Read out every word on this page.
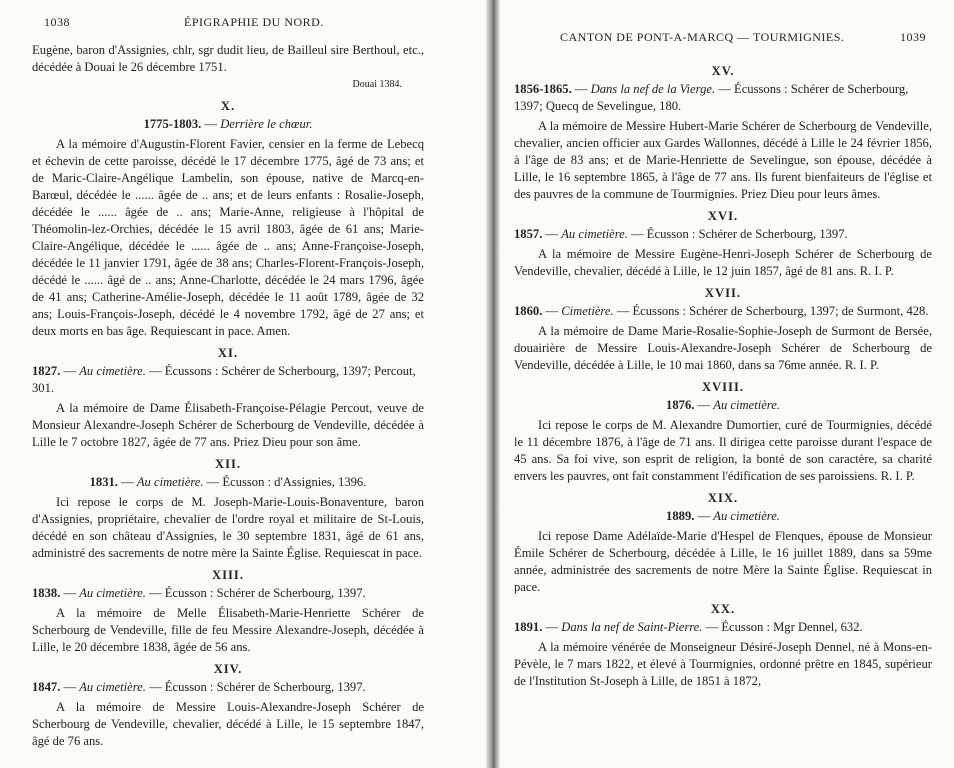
1038	ÉPIGRAPHIE DU NORD.

Eugène, baron d'Assignies, chlr, sgr dudit lieu, de Bailleul sire Berthoul, etc., décédée à Douai le 26 décembre 1751.

Douai 1384.

X.
1775-1803. — Derrière le chœur.

A la mémoire d'Augustin-Florent Favier, censier en la ferme de Lebecq et échevin de cette paroisse, décédé le 17 décembre 1775, âgé de 73 ans; et de Maric-Claire-Angélique Lambelin, son épouse, native de Marcq-en-Barœul, décédée le ...... âgée de .. ans; et de leurs enfants : Rosalie-Joseph, décédée le ...... âgée de .. ans; Marie-Anne, religieuse à l'hôpital de Théomolin-lez-Orchies, décédée le 15 avril 1803, âgée de 61 ans; Marie-Claire-Angélique, décédée le ...... âgée de .. ans; Anne-Françoise-Joseph, décédée le 11 janvier 1791, âgée de 38 ans; Charles-Florent-François-Joseph, décédé le ...... âgé de .. ans; Anne-Charlotte, décédée le 24 mars 1796, âgée de 41 ans; Catherine-Amélie-Joseph, décédée le 11 août 1789, âgée de 32 ans; Louis-François-Joseph, décédé le 4 novembre 1792, âgé de 27 ans; et deux morts en bas âge. Requiescant in pace. Amen.

XI.
1827. — Au cimetière. — Écussons : Schérer de Scherbourg, 1397; Percout, 301.

A la mémoire de Dame Élisabeth-Françoise-Pélagie Percout, veuve de Monsieur Alexandre-Joseph Schérer de Scherbourg de Vendeville, décédée à Lille le 7 octobre 1827, âgée de 77 ans. Priez Dieu pour son âme.

XII.
1831. — Au cimetière. — Écusson : d'Assignies, 1396.

Ici repose le corps de M. Joseph-Marie-Louis-Bonaventure, baron d'Assignies, propriétaire, chevalier de l'ordre royal et militaire de St-Louis, décédé en son château d'Assignies, le 30 septembre 1831, âgé de 61 ans, administré des sacrements de notre mère la Sainte Église. Requiescat in pace.

XIII.
1838. — Au cimetière. — Écusson : Schérer de Scherbourg, 1397.

A la mémoire de Melle Élisabeth-Marie-Henriette Schérer de Scherbourg de Vendeville, fille de feu Messire Alexandre-Joseph, décédée à Lille, le 20 décembre 1838, âgée de 56 ans.

XIV.
1847. — Au cimetière. — Écusson : Schérer de Scherbourg, 1397.

A la mémoire de Messire Louis-Alexandre-Joseph Schérer de Scherbourg de Vendeville, chevalier, décédé à Lille, le 15 septembre 1847, âgé de 76 ans.

CANTON DE PONT-A-MARCQ — TOURMIGNIES.	1039
XV.
1856-1865. — Dans la nef de la Vierge. — Écussons : Schérer de Scherbourg, 1397; Quecq de Sevelingue, 180.

A la mémoire de Messire Hubert-Marie Schérer de Scherbourg de Vendeville, chevalier, ancien officier aux Gardes Wallonnes, décédé à Lille le 24 février 1856, à l'âge de 83 ans; et de Marie-Henriette de Sevelingue, son épouse, décédée à Lille, le 16 septembre 1865, à l'âge de 77 ans. Ils furent bienfaiteurs de l'église et des pauvres de la commune de Tourmignies. Priez Dieu pour leurs âmes.

XVI.
1857. — Au cimetière. — Écusson : Schérer de Scherbourg, 1397.

A la mémoire de Messire Eugène-Henri-Joseph Schérer de Scherbourg de Vendeville, chevalier, décédé à Lille, le 12 juin 1857, âgé de 81 ans. R. I. P.

XVII.
1860. — Cimetière. — Écussons : Schérer de Scherbourg, 1397; de Surmont, 428.

A la mémoire de Dame Marie-Rosalie-Sophie-Joseph de Surmont de Bersée, douairière de Messire Louis-Alexandre-Joseph Schérer de Scherbourg de Vendeville, décédée à Lille, le 10 mai 1860, dans sa 76me année. R. I. P.

XVIII.
1876. — Au cimetière.

Ici repose le corps de M. Alexandre Dumortier, curé de Tourmignies, décédé le 11 décembre 1876, à l'âge de 71 ans. Il dirigea cette paroisse durant l'espace de 45 ans. Sa foi vive, son esprit de religion, la bonté de son caractère, sa charité envers les pauvres, ont fait constamment l'édification de ses paroissiens. R. I. P.

XIX.
1889. — Au cimetière.

Ici repose Dame Adélaïde-Marie d'Hespel de Flenques, épouse de Monsieur Émile Schérer de Scherbourg, décédée à Lille, le 16 juillet 1889, dans sa 59me année, administrée des sacrements de notre Mère la Sainte Église. Requiescat in pace.

XX.
1891. — Dans la nef de Saint-Pierre. — Écusson : Mgr Dennel, 632.

A la mémoire vénérée de Monseigneur Désiré-Joseph Dennel, né à Mons-en-Pévèle, le 7 mars 1822, et élevé à Tourmignies, ordonné prêtre en 1845, supérieur de l'Institution St-Joseph à Lille, de 1851 à 1872,
